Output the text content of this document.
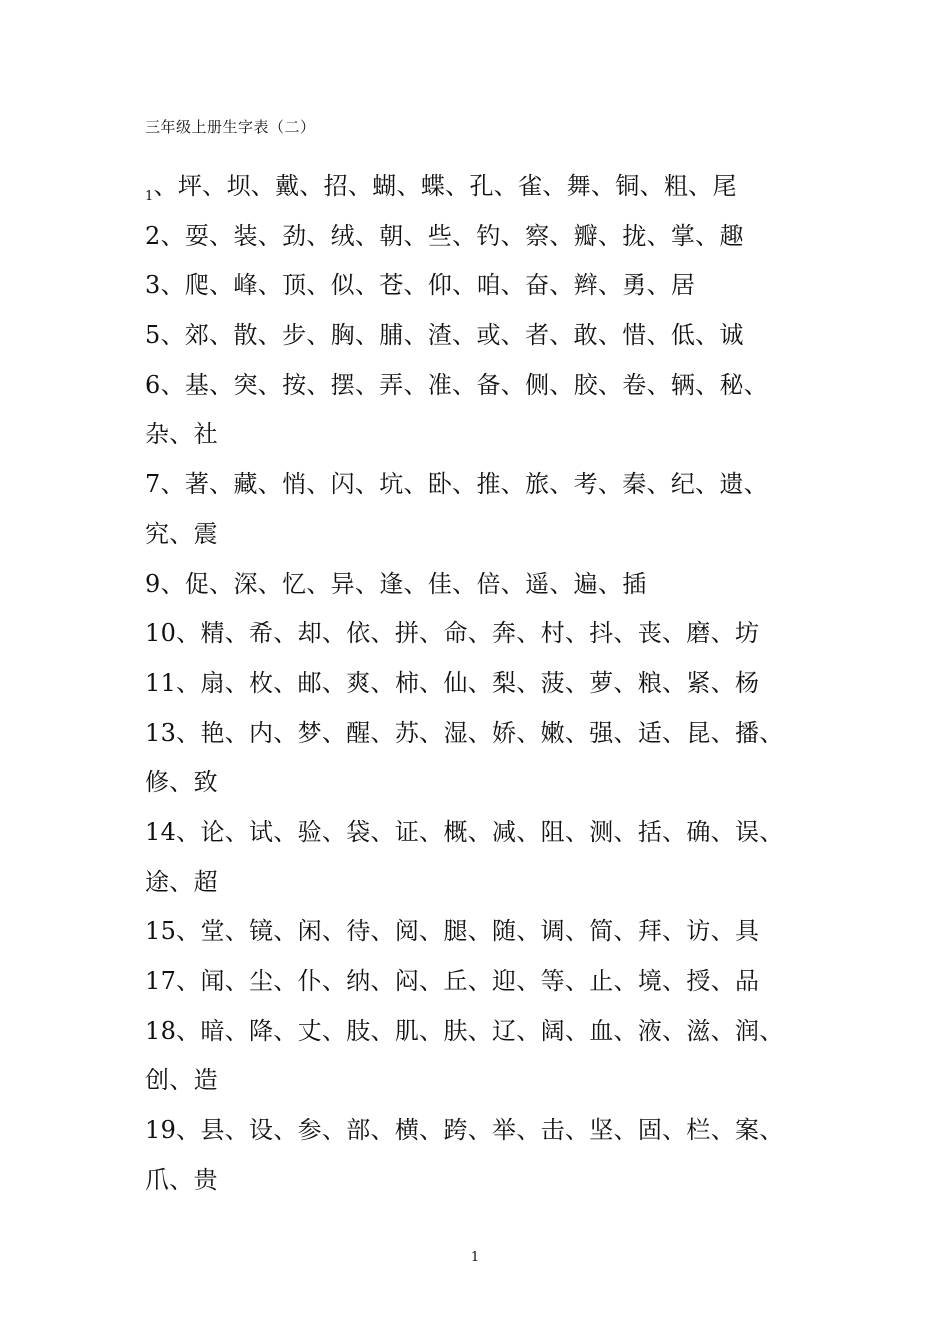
三年级上册生字表（二）
$_1$、坪、坝、戴、招、蝴、蝶、孔、雀、舞、铜、粗、尾
2、耍、装、劲、绒、朝、些、钓、察、瓣、拢、掌、趣
3、爬、峰、顶、似、苍、仰、咱、奋、辫、勇、居
5、郊、散、步、胸、脯、渣、或、者、敢、惜、低、诚
6、基、突、按、摆、弄、准、备、侧、胶、卷、辆、秘、
杂、社
7、著、藏、悄、闪、坑、卧、推、旅、考、秦、纪、遗、
究、震
9、促、深、忆、异、逢、佳、倍、遥、遍、插
10、精、希、却、依、拼、命、奔、村、抖、丧、磨、坊
11、扇、枚、邮、爽、柿、仙、梨、菠、萝、粮、紧、杨
13、艳、内、梦、醒、苏、湿、娇、嫩、强、适、昆、播、
修、致
14、论、试、验、袋、证、概、减、阻、测、括、确、误、
途、超
15、堂、镜、闲、待、阅、腿、随、调、简、拜、访、具
17、闻、尘、仆、纳、闷、丘、迎、等、止、境、授、品
18、暗、降、丈、肢、肌、肤、辽、阔、血、液、滋、润、
创、造
19、县、设、参、部、横、跨、举、击、坚、固、栏、案、
爪、贵
1
